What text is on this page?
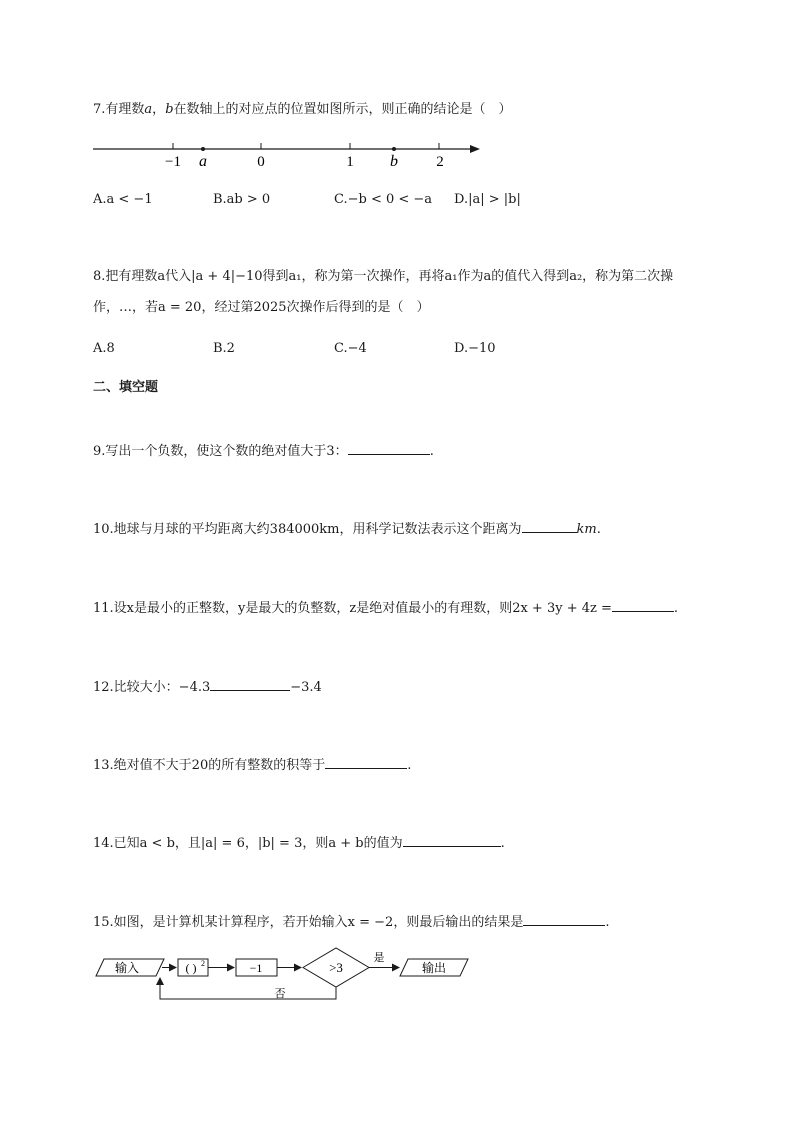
7.有理数a，b在数轴上的对应点的位置如图所示，则正确的结论是（　）
−1	0	1	2
a	b
A.a < −1	B.ab > 0	C.−b < 0 < −a D.|a| > |b|
8.把有理数a代入|a + 4|−10得到a₁，称为第一次操作，再将a₁作为a的值代入得到a₂，称为第二次操
作，…，若a = 20，经过第2025次操作后得到的是（　）
A.8	B.2	C.−4	D.−10
二、填空题
9.写出一个负数，使这个数的绝对值大于3：	.
10.地球与月球的平均距离大约384000km，用科学记数法表示这个距离为	km.
11.设x是最小的正整数，y是最大的负整数，z是绝对值最小的有理数，则2x + 3y + 4z =	.
12.比较大小：−4.3	−3.4
13.绝对值不大于20的所有整数的积等于	.
14.已知a < b，且|a| = 6，|b| = 3，则a + b的值为	.
15.如图，是计算机某计算程序，若开始输入x = −2，则最后输出的结果是	.
输入	( ) 2	−1	>3
是
输出
否
